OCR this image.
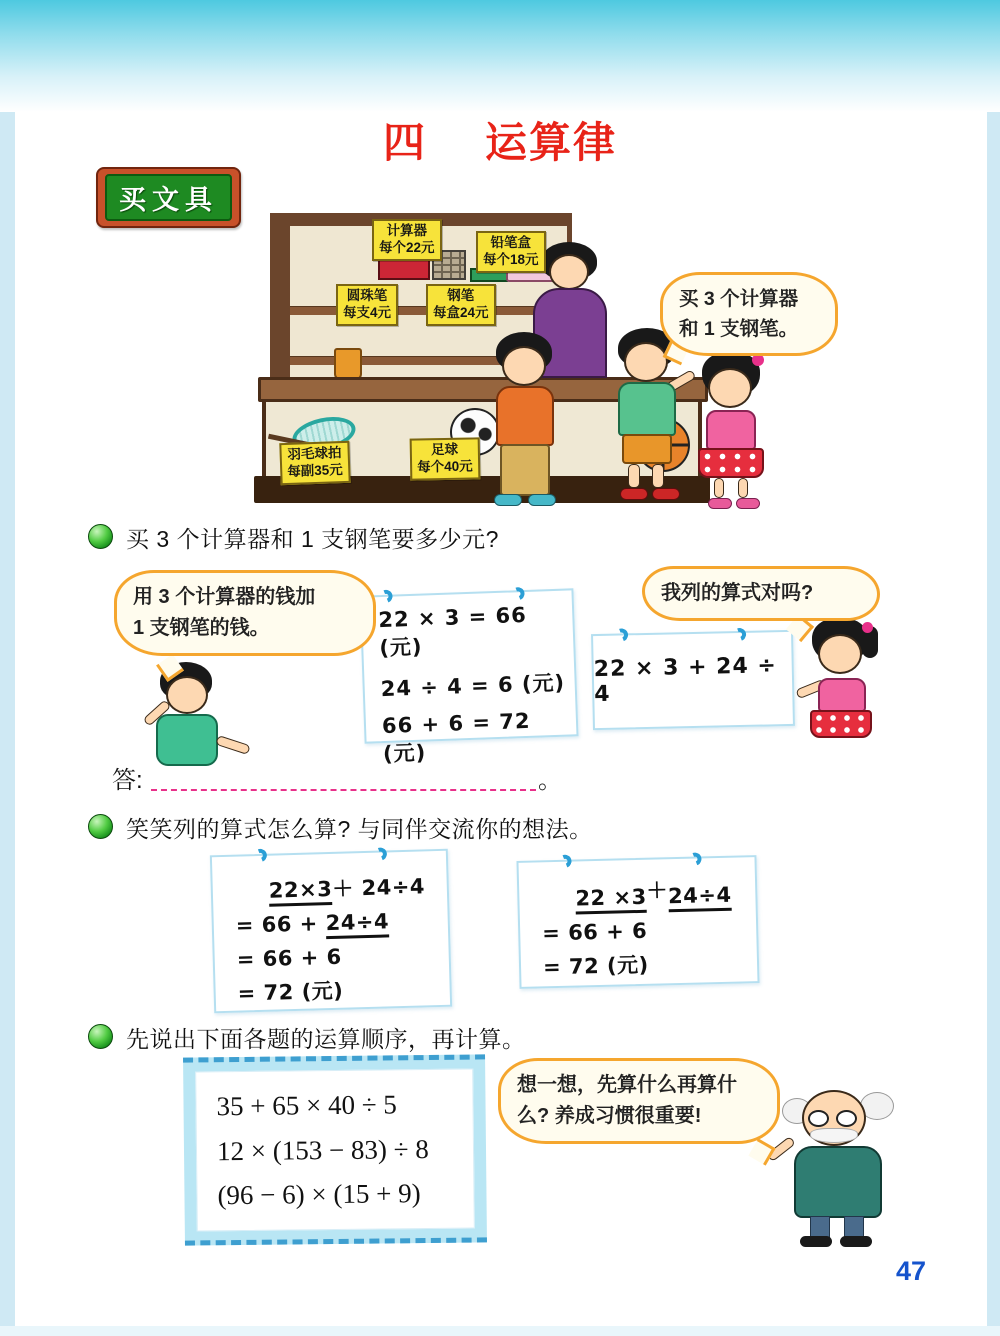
四 运算律
买文具
计算器
每个22元	铅笔盒
每个18元
圆珠笔
每支4元
钢笔
每盒24元
羽毛球拍
每副35元
足球
每个40元
买 3 个计算器
和 1 支钢笔。
买 3 个计算器和 1 支钢笔要多少元?
用 3 个计算器的钱加
1 支钢笔的钱。	22 × 3 = 66 (元)
24 ÷ 4 = 6 (元)
66 + 6 = 72 (元)
我列的算式对吗?
22 × 3 + 24 ÷ 4
答:	。
笑笑列的算式怎么算? 与同伴交流你的想法。
22×3＋ 24÷4
= 66 + 24÷4
= 66 + 6
= 72 (元)
22 ×3＋24÷4
= 66 + 6
= 72 (元)
先说出下面各题的运算顺序，再计算。
35 + 65 × 40 ÷ 5
12 × (153 − 83) ÷ 8
(96 − 6) × (15 + 9)
想一想，先算什么再算什
么? 养成习惯很重要!
47
